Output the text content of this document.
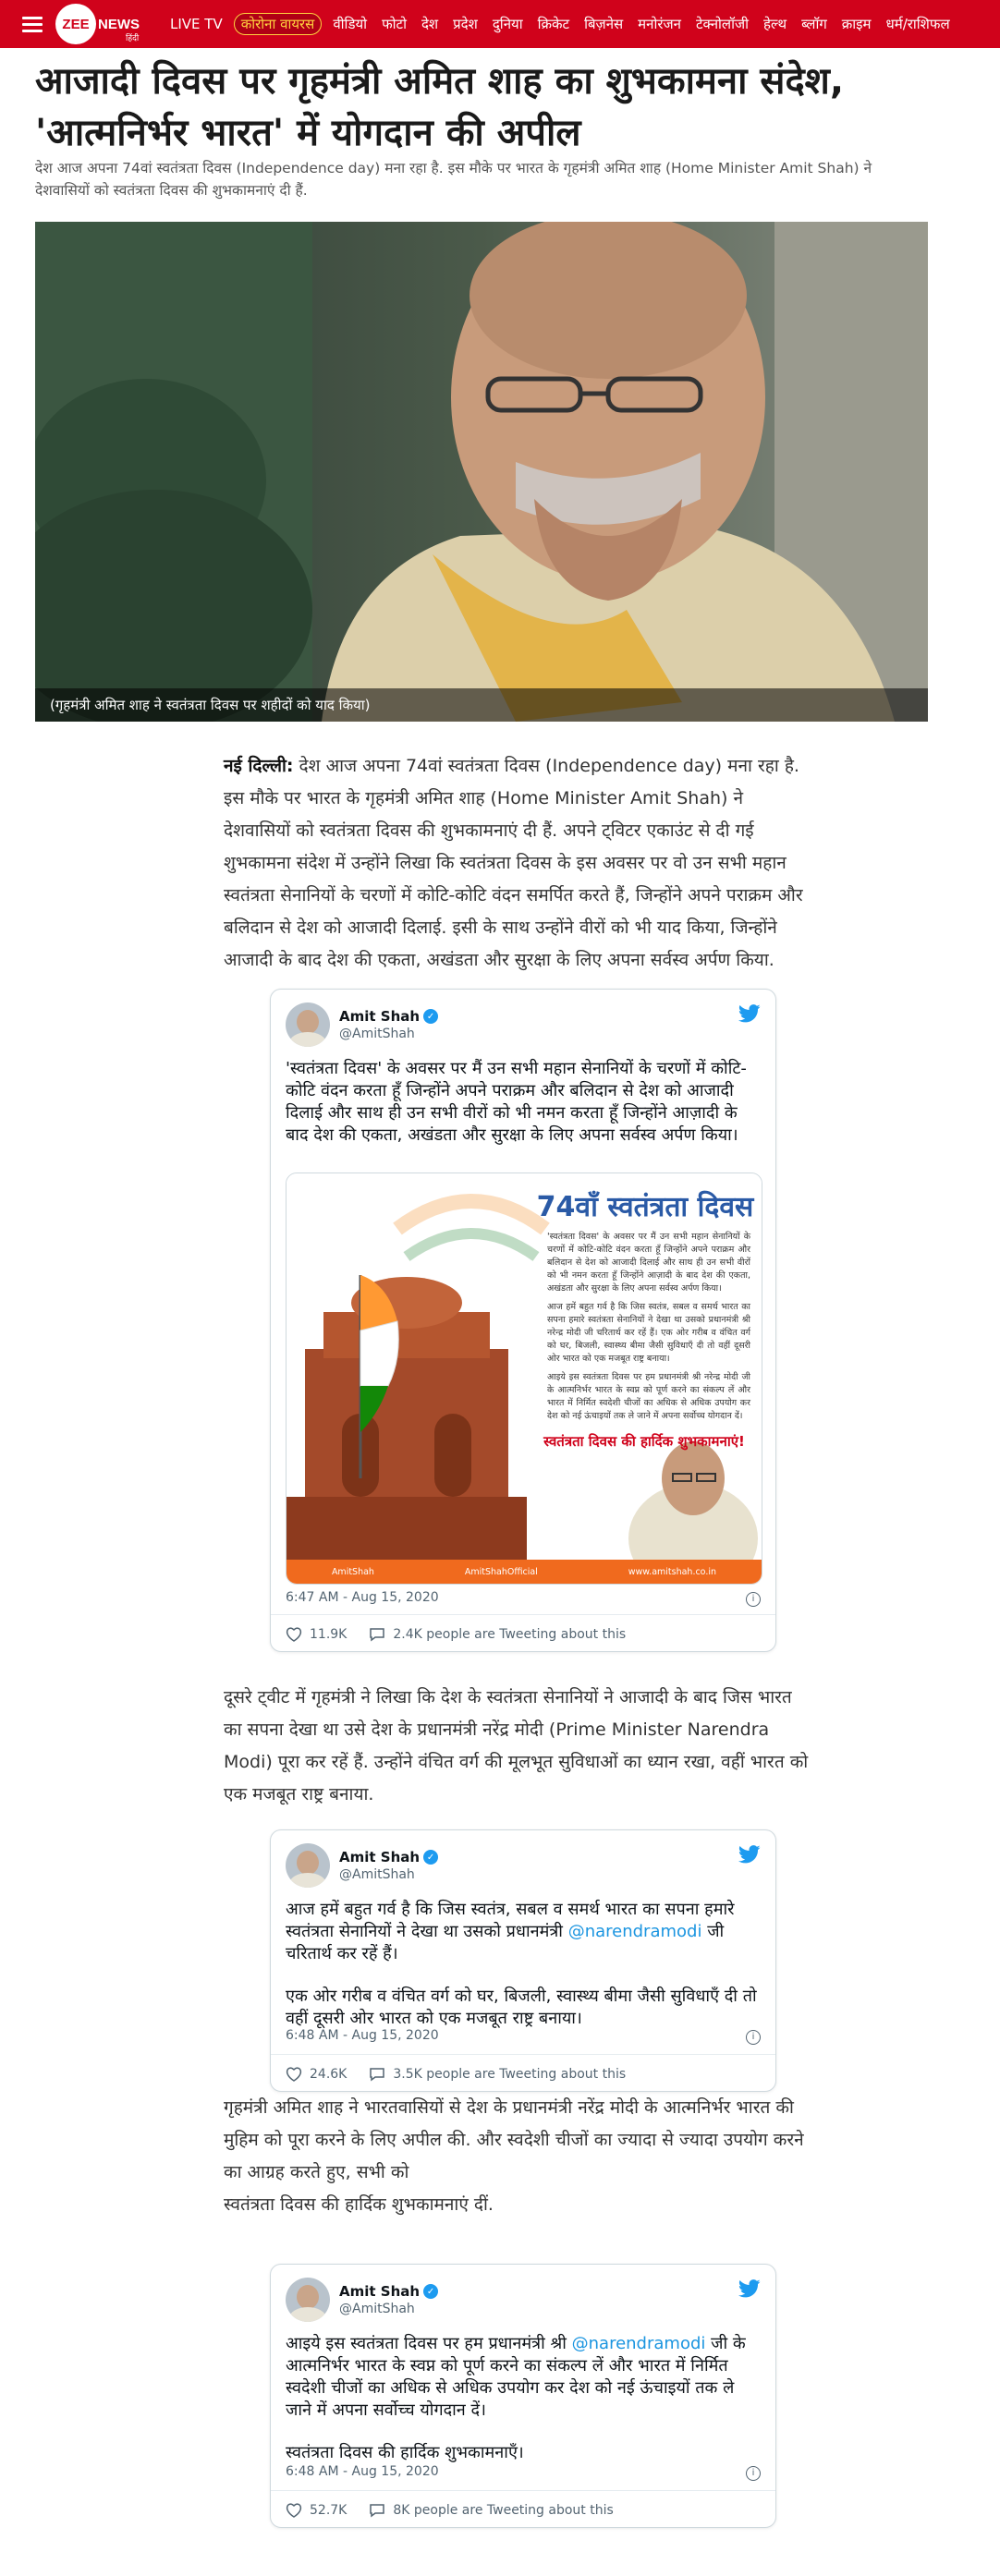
ZEE NEWS
हिंदी
LIVE TV	कोरोना वायरस	वीडियो	फोटो	देश	प्रदेश	दुनिया	क्रिकेट	बिज़नेस	मनोरंजन	टेक्नोलॉजी	हेल्थ	ब्लॉग	क्राइम	धर्म/राशिफल
आजादी दिवस पर गृहमंत्री अमित शाह का शुभकामना संदेश, 'आत्मनिर्भर भारत' में योगदान की अपील

देश आज अपना 74वां स्वतंत्रता दिवस (Independence day) मना रहा है. इस मौके पर भारत के गृहमंत्री अमित शाह (Home Minister Amit Shah) ने देशवासियों को स्वतंत्रता दिवस की शुभकामनाएं दी हैं.

(गृहमंत्री अमित शाह ने स्वतंत्रता दिवस पर शहीदों को याद किया)

नई दिल्ली: देश आज अपना 74वां स्वतंत्रता दिवस (Independence day) मना रहा है. इस मौके पर भारत के गृहमंत्री अमित शाह (Home Minister Amit Shah) ने देशवासियों को स्वतंत्रता दिवस की शुभकामनाएं दी हैं. अपने ट्विटर एकाउंट से दी गई शुभकामना संदेश में उन्होंने लिखा कि स्वतंत्रता दिवस के इस अवसर पर वो उन सभी महान स्वतंत्रता सेनानियों के चरणों में कोटि-कोटि वंदन समर्पित करते हैं, जिन्होंने अपने पराक्रम और बलिदान से देश को आजादी दिलाई. इसी के साथ उन्होंने वीरों को भी याद किया, जिन्होंने आजादी के बाद देश की एकता, अखंडता और सुरक्षा के लिए अपना सर्वस्व अर्पण किया.

Amit Shah ✓
@AmitShah
'स्वतंत्रता दिवस' के अवसर पर मैं उन सभी महान सेनानियों के चरणों में कोटि-कोटि वंदन करता हूँ जिन्होंने अपने पराक्रम और बलिदान से देश को आजादी दिलाई और साथ ही उन सभी वीरों को भी नमन करता हूँ जिन्होंने आज़ादी के बाद देश की एकता, अखंडता और सुरक्षा के लिए अपना सर्वस्व अर्पण किया।
74वाँ स्वतंत्रता दिवस

'स्वतंत्रता दिवस' के अवसर पर मैं उन सभी महान सेनानियों के चरणों में कोटि-कोटि वंदन करता हूँ जिन्होंने अपने पराक्रम और बलिदान से देश को आजादी दिलाई और साथ ही उन सभी वीरों को भी नमन करता हूँ जिन्होंने आज़ादी के बाद देश की एकता, अखंडता और सुरक्षा के लिए अपना सर्वस्व अर्पण किया।

आज हमें बहुत गर्व है कि जिस स्वतंत्र, सबल व समर्थ भारत का सपना हमारे स्वतंत्रता सेनानियों ने देखा था उसको प्रधानमंत्री श्री नरेन्द्र मोदी जी चरितार्थ कर रहें हैं। एक ओर गरीब व वंचित वर्ग को घर, बिजली, स्वास्थ्य बीमा जैसी सुविधाएँ दी तो वहीं दूसरी ओर भारत को एक मजबूत राष्ट्र बनाया।

आइये इस स्वतंत्रता दिवस पर हम प्रधानमंत्री श्री नरेन्द्र मोदी जी के आत्मनिर्भर भारत के स्वप्न को पूर्ण करने का संकल्प लें और भारत में निर्मित स्वदेशी चीजों का अधिक से अधिक उपयोग कर देश को नई ऊंचाइयों तक ले जाने में अपना सर्वोच्च योगदान दें।

स्वतंत्रता दिवस की हार्दिक शुभकामनाएं!
AmitShah	AmitShahOfficial	www.amitshah.co.in
6:47 AM - Aug 15, 2020	i
11.9K	2.4K people are Tweeting about this

दूसरे ट्वीट में गृहमंत्री ने लिखा कि देश के स्वतंत्रता सेनानियों ने आजादी के बाद जिस भारत का सपना देखा था उसे देश के प्रधानमंत्री नरेंद्र मोदी (Prime Minister Narendra Modi) पूरा कर रहें हैं. उन्होंने वंचित वर्ग की मूलभूत सुविधाओं का ध्यान रखा, वहीं भारत को एक मजबूत राष्ट्र बनाया.

Amit Shah ✓
@AmitShah

आज हमें बहुत गर्व है कि जिस स्वतंत्र, सबल व समर्थ भारत का सपना हमारे स्वतंत्रता सेनानियों ने देखा था उसको प्रधानमंत्री @narendramodi जी चरितार्थ कर रहें हैं।

एक ओर गरीब व वंचित वर्ग को घर, बिजली, स्वास्थ्य बीमा जैसी सुविधाएँ दी तो वहीं दूसरी ओर भारत को एक मजबूत राष्ट्र बनाया।

6:48 AM - Aug 15, 2020	i
24.6K	3.5K people are Tweeting about this
गृहमंत्री अमित शाह ने भारतवासियों से देश के प्रधानमंत्री नरेंद्र मोदी के आत्मनिर्भर भारत की मुहिम को पूरा करने के लिए अपील की. और स्वदेशी चीजों का ज्यादा से ज्यादा उपयोग करने का आग्रह करते हुए, सभी को
स्वतंत्रता दिवस की हार्दिक शुभकामनाएं दीं.
Amit Shah ✓
@AmitShah

आइये इस स्वतंत्रता दिवस पर हम प्रधानमंत्री श्री @narendramodi जी के आत्मनिर्भर भारत के स्वप्न को पूर्ण करने का संकल्प लें और भारत में निर्मित स्वदेशी चीजों का अधिक से अधिक उपयोग कर देश को नई ऊंचाइयों तक ले जाने में अपना सर्वोच्च योगदान दें।

स्वतंत्रता दिवस की हार्दिक शुभकामनाएँ।

6:48 AM - Aug 15, 2020	i
52.7K	8K people are Tweeting about this
